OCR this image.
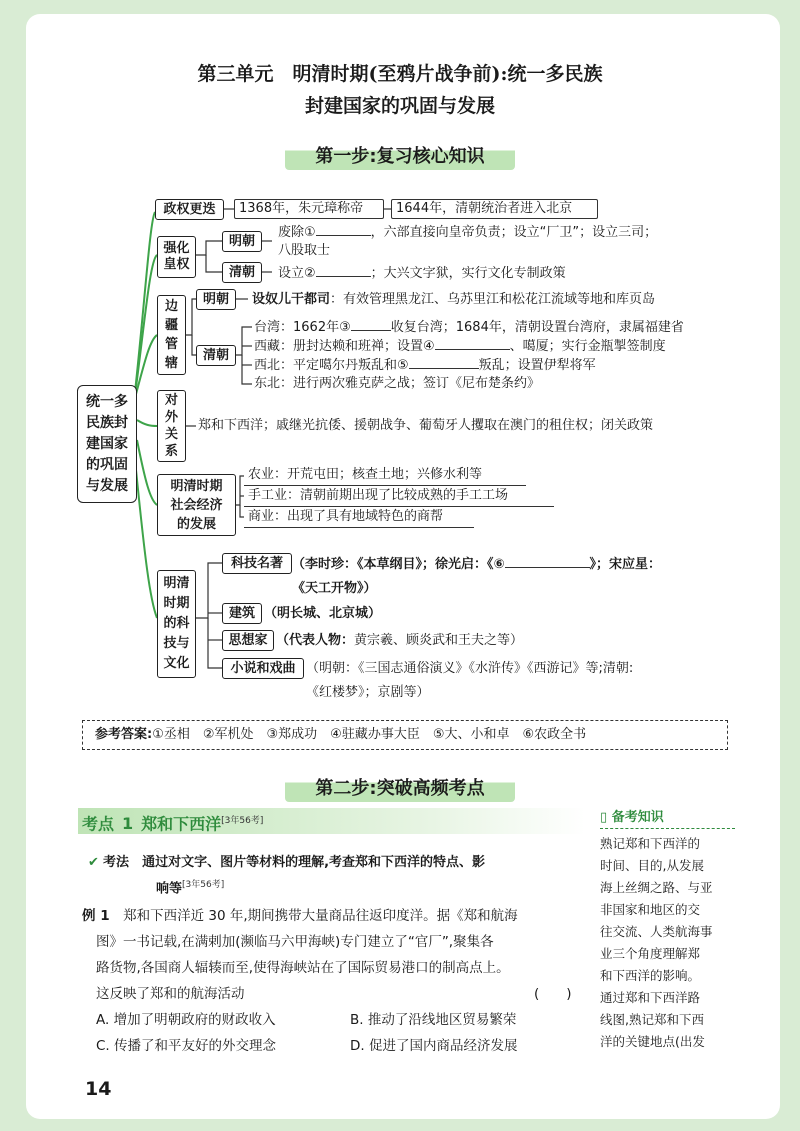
第三单元　明清时期(至鸦片战争前):统一多民族
封建国家的巩固与发展
第一步:复习核心知识
统一多
民族封
建国家
的巩固
与发展
政权更迭	1368年，朱元璋称帝	1644年，清朝统治者进入北京
强化
皇权
明朝
废除①	，六部直接向皇帝负责；设立“厂卫”；设立三司；
八股取士
清朝	设立②	；大兴文字狱，实行文化专制政策
边
疆
管
辖
明朝	设奴儿干都司：有效管理黑龙江、乌苏里江和松花江流域等地和库页岛
清朝
台湾：1662年③	收复台湾；1684年，清朝设置台湾府，隶属福建省
西藏：册封达赖和班禅；设置④	、噶厦；实行金瓶掣签制度
西北：平定噶尔丹叛乱和⑤	叛乱；设置伊犁将军
东北：进行两次雅克萨之战；签订《尼布楚条约》
对
外
关
系
郑和下西洋；戚继光抗倭、援朝战争、葡萄牙人攫取在澳门的租住权；闭关政策
明清时期
社会经济
的发展
农业：开荒屯田；核查土地；兴修水利等
手工业：清朝前期出现了比较成熟的手工工场
商业：出现了具有地域特色的商帮
明清
时期
的科
技与
文化
科技名著 （李时珍：《本草纲目》；徐光启：《⑥	》；宋应星：
《天工开物》）
建筑 （明长城、北京城）
思想家 （代表人物：黄宗羲、顾炎武和王夫之等）
小说和戏曲 （明朝：《三国志通俗演义》《水浒传》《西游记》等;清朝:
《红楼梦》；京剧等）
参考答案:①丞相　②军机处　③郑成功　④驻藏办事大臣　⑤大、小和卓　⑥农政全书
第二步:突破高频考点
考点 1 郑和下西洋[3年56考]
✔ 考法　 通过对文字、图片等材料的理解,考查郑和下西洋的特点、影
响等[3年56考]
例 1　 郑和下西洋近 30 年,期间携带大量商品往返印度洋。据《郑和航海
图》一书记载,在满剌加(濒临马六甲海峡)专门建立了“官厂”,聚集各
路货物,各国商人辐辏而至,使得海峡站在了国际贸易港口的制高点上。
这反映了郑和的航海活动	(　　)
A. 增加了明朝政府的财政收入	B. 推动了沿线地区贸易繁荣
C. 传播了和平友好的外交理念	D. 促进了国内商品经济发展
▯ 备考知识
熟记郑和下西洋的
时间、目的,从发展
海上丝绸之路、与亚
非国家和地区的交
往交流、人类航海事
业三个角度理解郑
和下西洋的影响。
通过郑和下西洋路
线图,熟记郑和下西
洋的关键地点(出发
14
